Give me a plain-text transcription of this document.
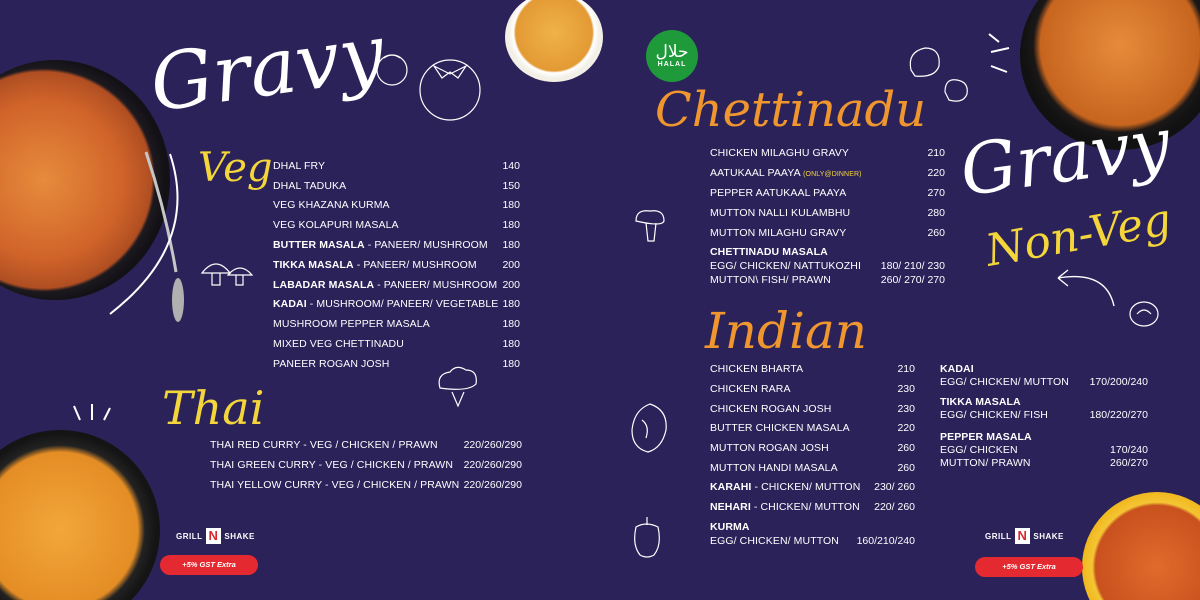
Gravy
Veg
Thai
Chettinadu
Indian
Gravy
Non-Veg
حلال
HALAL
DHAL FRY	140
DHAL TADUKA	150
VEG KHAZANA KURMA	180
VEG KOLAPURI MASALA	180
BUTTER MASALA - PANEER/ MUSHROOM 180
TIKKA MASALA - PANEER/ MUSHROOM 200
LABADAR MASALA - PANEER/ MUSHROOM 200
KADAI - MUSHROOM/ PANEER/ VEGETABLE 180
MUSHROOM PEPPER MASALA	180
MIXED VEG CHETTINADU	180
PANEER ROGAN JOSH	180
THAI RED CURRY - VEG / CHICKEN / PRAWN 220/260/290
THAI GREEN CURRY - VEG / CHICKEN / PRAWN 220/260/290
THAI YELLOW CURRY - VEG / CHICKEN / PRAWN 220/260/290
CHICKEN MILAGHU GRAVY	210
AATUKAAL PAAYA (ONLY@DINNER)	220
PEPPER AATUKAAL PAAYA	270
MUTTON NALLI KULAMBHU	280
MUTTON MILAGHU GRAVY	260
CHETTINADU MASALA
EGG/ CHICKEN/ NATTUKOZHI 180/ 210/ 230
MUTTON\ FISH/ PRAWN	260/ 270/ 270
CHICKEN BHARTA	210
CHICKEN RARA	230
CHICKEN ROGAN JOSH	230
BUTTER CHICKEN MASALA	220
MUTTON ROGAN JOSH	260
MUTTON HANDI MASALA	260
KARAHI - CHICKEN/ MUTTON 230/ 260
NEHARI - CHICKEN/ MUTTON 220/ 260
KURMA
EGG/ CHICKEN/ MUTTON 160/210/240
KADAI
EGG/ CHICKEN/ MUTTON 170/200/240
TIKKA MASALA
EGG/ CHICKEN/ FISH	180/220/270
PEPPER MASALA
EGG/ CHICKEN	170/240
MUTTON/ PRAWN	260/270
GRILL N SHAKE
+5% GST Extra
GRILL N SHAKE
+5% GST Extra
